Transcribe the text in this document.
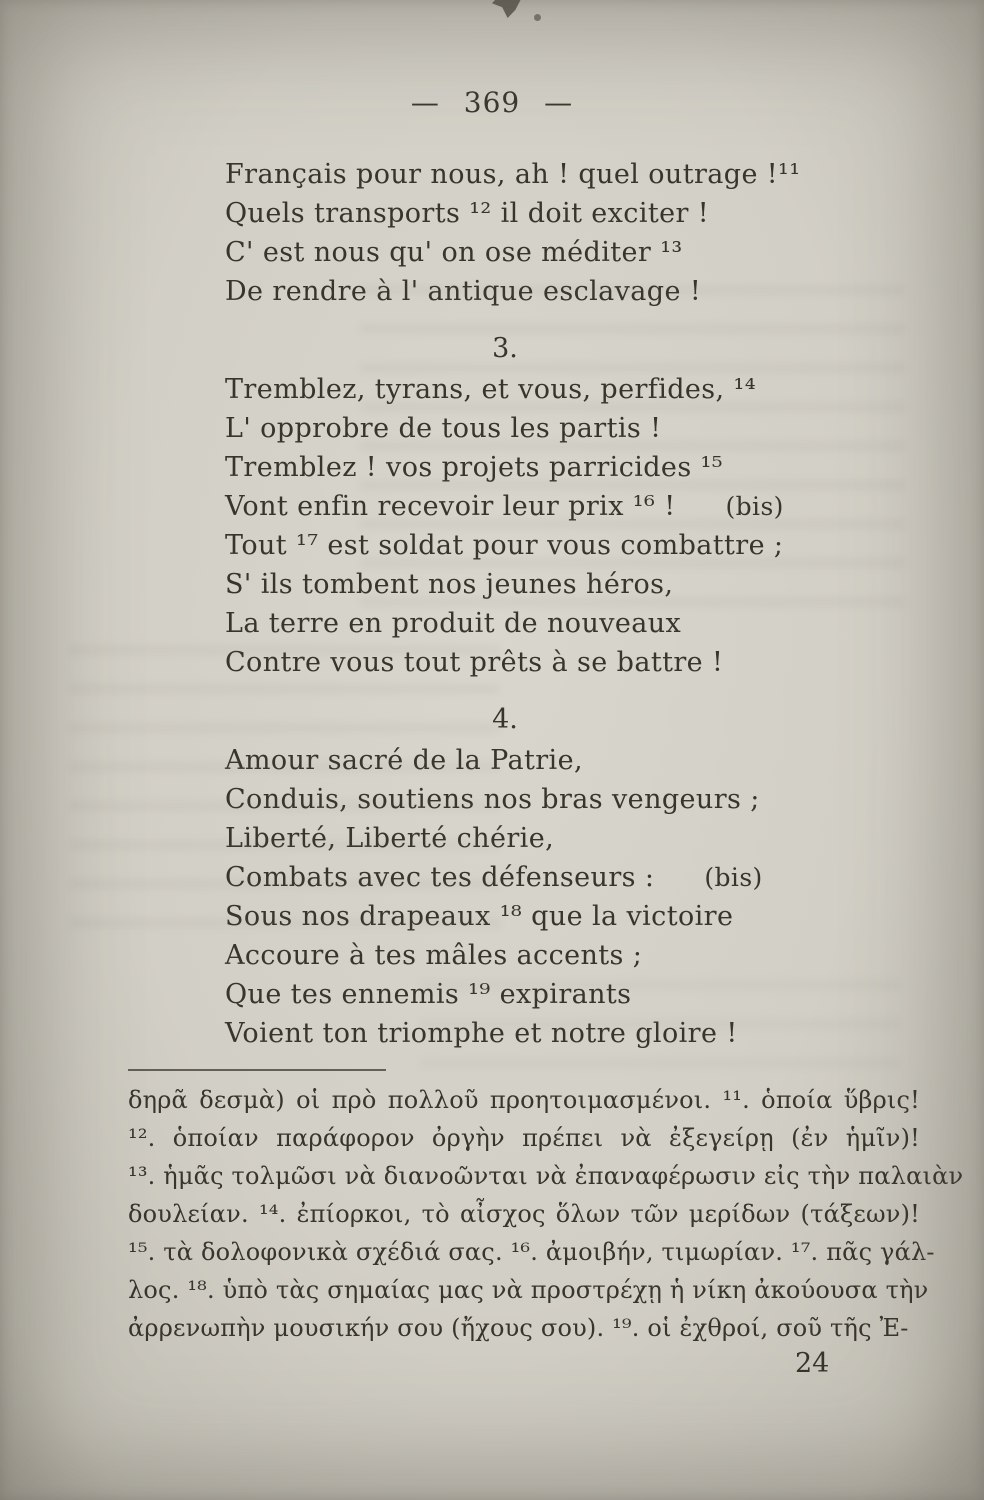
— 369 —

Français pour nous, ah ! quel outrage !¹¹

Quels transports ¹² il doit exciter !

C' est nous qu' on ose méditer ¹³

De rendre à l' antique esclavage !

3.

Tremblez, tyrans, et vous, perfides, ¹⁴

L' opprobre de tous les partis !

Tremblez ! vos projets parricides ¹⁵

Vont enfin recevoir leur prix ¹⁶ ! (bis)

Tout ¹⁷ est soldat pour vous combattre ;

S' ils tombent nos jeunes héros,

La terre en produit de nouveaux

Contre vous tout prêts à se battre !

4.

Amour sacré de la Patrie,

Conduis, soutiens nos bras vengeurs ;

Liberté, Liberté chérie,

Combats avec tes défenseurs : (bis)

Sous nos drapeaux ¹⁸ que la victoire

Accoure à tes mâles accents ;

Que tes ennemis ¹⁹ expirants

Voient ton triomphe et notre gloire !

δηρᾶ δεσμὰ) οἱ πρὸ πολλοῦ προητοιμασμένοι. ¹¹. ὁποία ὕβρις!

¹². ὁποίαν παράφορον ὀργὴν πρέπει νὰ ἐξεγείρῃ (ἐν ἡμῖν)!

¹³. ἡμᾶς τολμῶσι νὰ διανοῶνται νὰ ἐπαναφέρωσιν εἰς τὴν παλαιὰν

δουλείαν. ¹⁴. ἐπίορκοι, τὸ αἶσχος ὅλων τῶν μερίδων (τάξεων)!

¹⁵. τὰ δολοφονικὰ σχέδιά σας. ¹⁶. ἀμοιβήν, τιμωρίαν. ¹⁷. πᾶς γάλ-

λος. ¹⁸. ὑπὸ τὰς σημαίας μας νὰ προστρέχῃ ἡ νίκη ἀκούουσα τὴν

ἀρρενωπὴν μουσικήν σου (ἤχους σου). ¹⁹. οἱ ἐχθροί, σοῦ τῆς Ἐ-

24
